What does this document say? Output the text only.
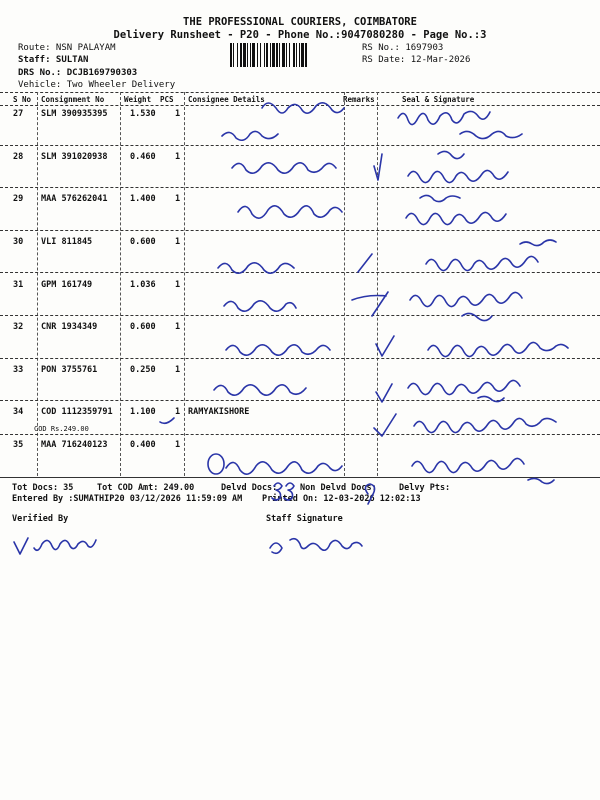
THE PROFESSIONAL COURIERS, COIMBATORE
Delivery Runsheet - P20 - Phone No.:9047080280 - Page No.:3
Route: NSN PALAYAM
Staff: SULTAN
DRS No.: DCJB169790303
Vehicle: Two Wheeler Delivery
RS No.: 1697903
RS Date: 12-Mar-2026
S No Consignment No	Weight PCS Consignee Details	Remarks	Seal & Signature
27 SLM 390935395	1.530 1
28 SLM 391020938	0.460 1
29 MAA 576262041	1.400 1
30 VLI 811845	0.600 1
31 GPM 161749	1.036 1
32 CNR 1934349	0.600 1
33 PON 3755761	0.250 1
34 COD 1112359791 1.100 1 RAMYAKISHORE
COD Rs.249.00
35 MAA 716240123	0.400 1
Tot Docs: 35	Tot COD Amt: 249.00	Delvd Docs:	Non Delvd Docs:	Delvy Pts:
Entered By :SUMATHIP20 03/12/2026 11:59:09 AM Printed On: 12-03-2026 12:02:13
Verified By	Staff Signature
